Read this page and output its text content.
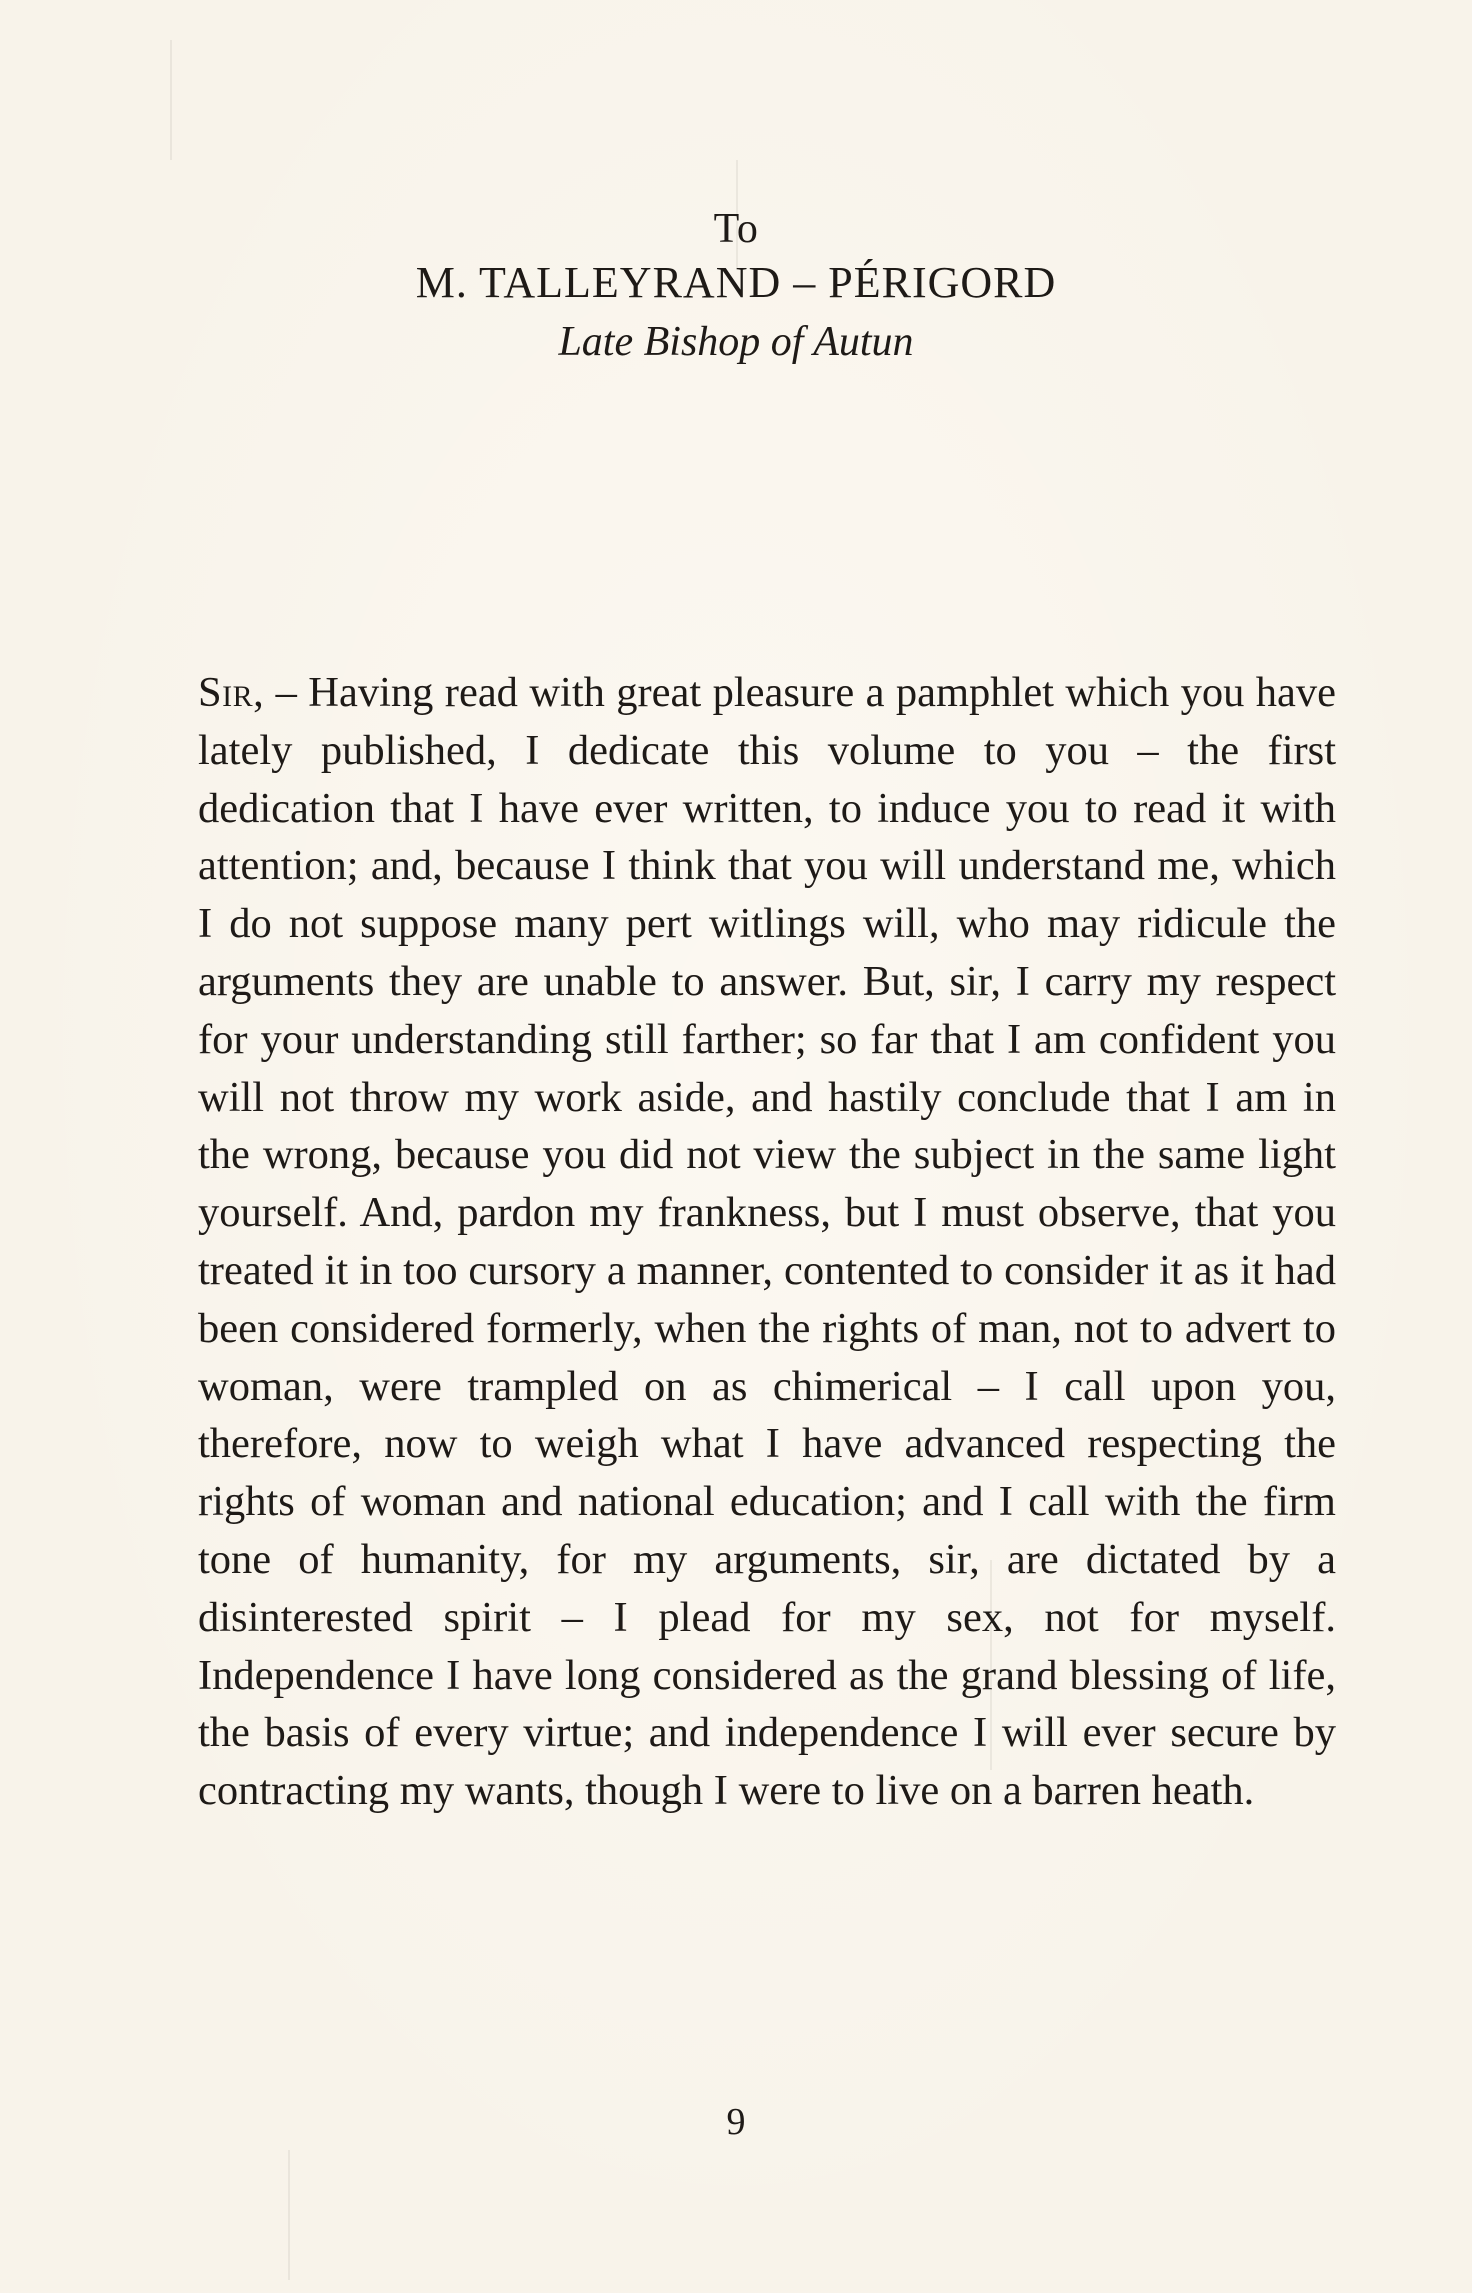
To
M. TALLEYRAND – PÉRIGORD
Late Bishop of Autun
Sir, – Having read with great pleasure a pamphlet which you have lately published, I dedicate this volume to you – the first dedication that I have ever written, to induce you to read it with attention; and, because I think that you will understand me, which I do not suppose many pert witlings will, who may ridicule the arguments they are unable to answer. But, sir, I carry my respect for your understanding still farther; so far that I am confident you will not throw my work aside, and hastily conclude that I am in the wrong, because you did not view the subject in the same light yourself. And, pardon my frankness, but I must observe, that you treated it in too cursory a manner, contented to consider it as it had been considered formerly, when the rights of man, not to advert to woman, were trampled on as chimerical – I call upon you, therefore, now to weigh what I have advanced respecting the rights of woman and national education; and I call with the firm tone of humanity, for my arguments, sir, are dictated by a disinterested spirit – I plead for my sex, not for myself. Independence I have long considered as the grand blessing of life, the basis of every virtue; and independence I will ever secure by contracting my wants, though I were to live on a barren heath.
9
